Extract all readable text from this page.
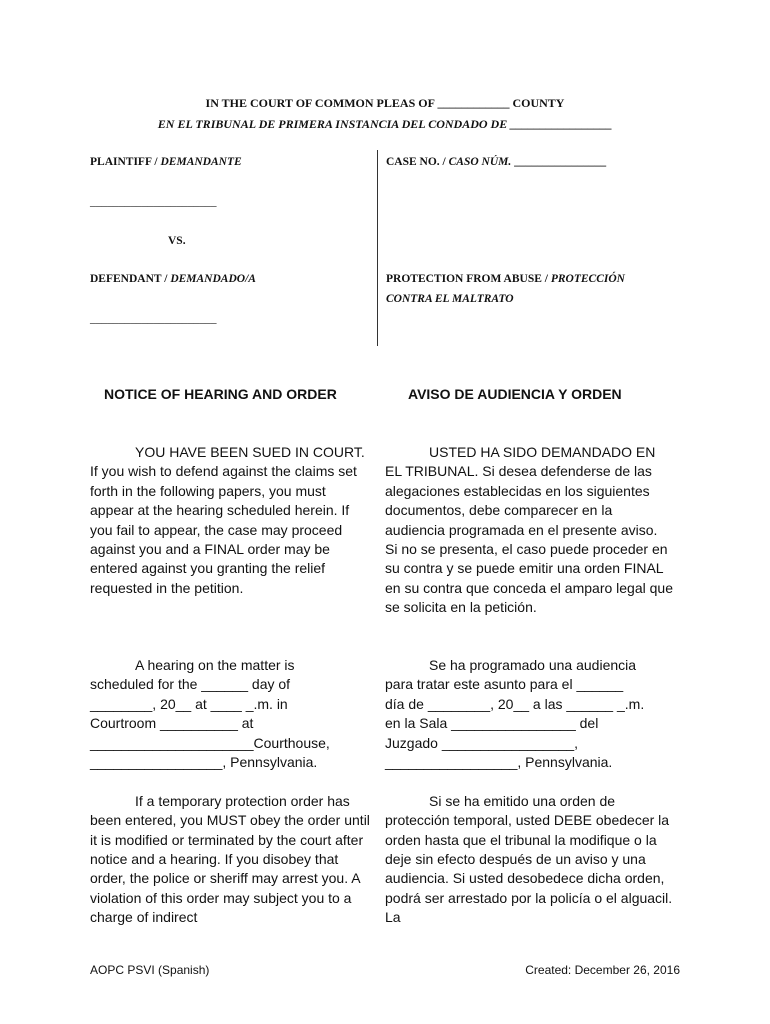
IN THE COURT OF COMMON PLEAS OF ____________ COUNTY
EN EL TRIBUNAL DE PRIMERA INSTANCIA DEL CONDADO DE _________________
PLAINTIFF / DEMANDANTE
______________________
VS.
DEFENDANT / DEMANDADO/A
______________________
CASE NO. / CASO NÚM. ________________
PROTECTION FROM ABUSE / PROTECCIÓN
CONTRA EL MALTRATO
NOTICE OF HEARING AND ORDER	AVISO DE AUDIENCIA Y ORDEN

YOU HAVE BEEN SUED IN COURT. If you wish to defend against the claims set forth in the following papers, you must appear at the hearing scheduled herein. If you fail to appear, the case may proceed against you and a FINAL order may be entered against you granting the relief requested in the petition.

A hearing on the matter is
scheduled for the ______ day of
________, 20__ at ____ _.m. in
Courtroom __________ at
_____________________Courthouse,
_________________, Pennsylvania.

If a temporary protection order has been entered, you MUST obey the order until it is modified or terminated by the court after notice and a hearing. If you disobey that order, the police or sheriff may arrest you. A violation of this order may subject you to a charge of indirect

USTED HA SIDO DEMANDADO EN EL TRIBUNAL. Si desea defenderse de las alegaciones establecidas en los siguientes documentos, debe comparecer en la audiencia programada en el presente aviso. Si no se presenta, el caso puede proceder en su contra y se puede emitir una orden FINAL en su contra que conceda el amparo legal que se solicita en la petición.

Se ha programado una audiencia
para tratar este asunto para el ______
día de ________, 20__ a las ______ _.m.
en la Sala ________________ del
Juzgado _________________,
_________________, Pennsylvania.

Si se ha emitido una orden de protección temporal, usted DEBE obedecer la orden hasta que el tribunal la modifique o la deje sin efecto después de un aviso y una audiencia. Si usted desobedece dicha orden, podrá ser arrestado por la policía o el alguacil. La

AOPC PSVI (Spanish)	Created: December 26, 2016
